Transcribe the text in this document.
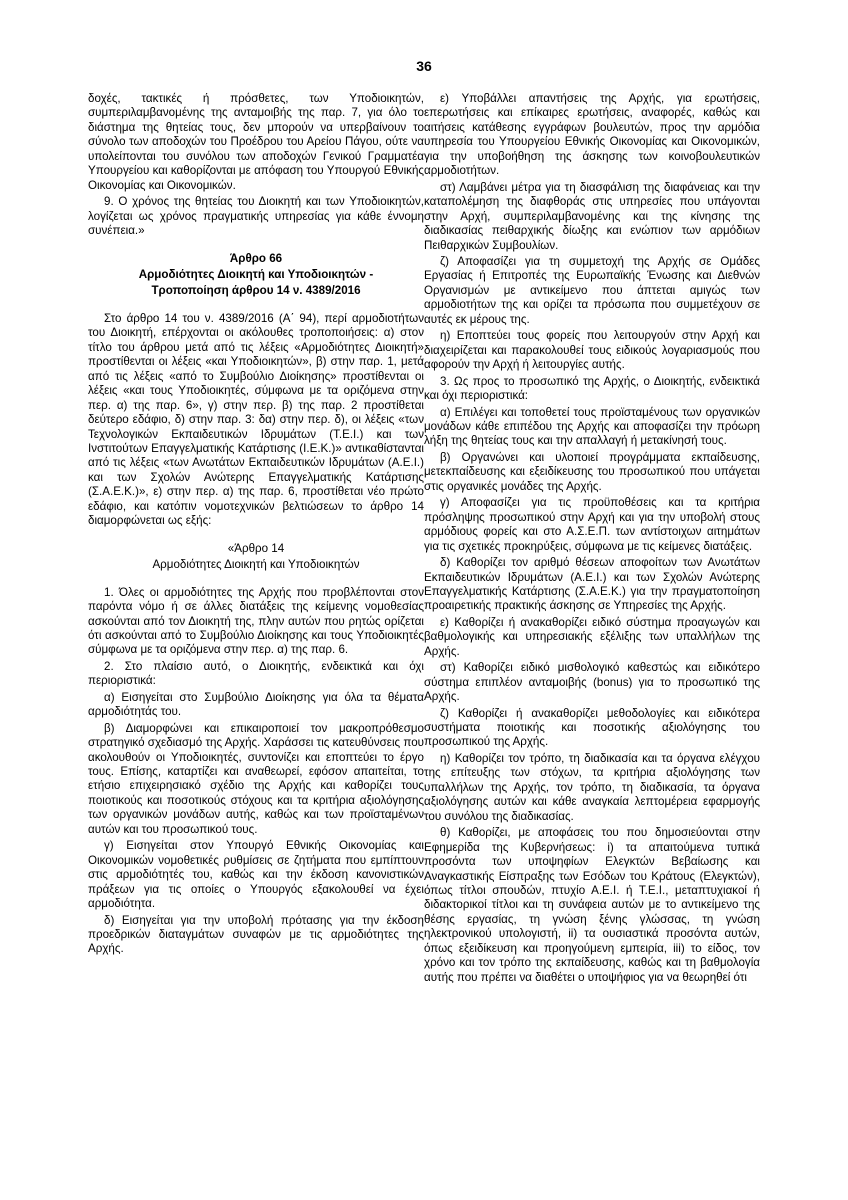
36

δοχές, τακτικές ή πρόσθετες, των Υποδιοικητών, συμπεριλαμβανομένης της ανταμοιβής της παρ. 7, για όλο το διάστημα της θητείας τους, δεν μπορούν να υπερβαίνουν το σύνολο των αποδοχών του Προέδρου του Αρείου Πάγου, ούτε να υπολείπονται του συνόλου των αποδοχών Γενικού Γραμματέα Υπουργείου και καθορίζονται με απόφαση του Υπουργού Εθνικής Οικονομίας και Οικονομικών.

9. Ο χρόνος της θητείας του Διοικητή και των Υποδιοικητών, λογίζεται ως χρόνος πραγματικής υπηρεσίας για κάθε έννομη συνέπεια.»

Άρθρο 66

Αρμοδιότητες Διοικητή και Υποδιοικητών -

Τροποποίηση άρθρου 14 ν. 4389/2016

Στο άρθρο 14 του ν. 4389/2016 (Α΄ 94), περί αρμοδιοτήτων του Διοικητή, επέρχονται οι ακόλουθες τροποποιήσεις: α) στον τίτλο του άρθρου μετά από τις λέξεις «Αρμοδιότητες Διοικητή» προστίθενται οι λέξεις «και Υποδιοικητών», β) στην παρ. 1, μετά από τις λέξεις «από το Συμβούλιο Διοίκησης» προστίθενται οι λέξεις «και τους Υποδιοικητές, σύμφωνα με τα οριζόμενα στην περ. α) της παρ. 6», γ) στην περ. β) της παρ. 2 προστίθεται δεύτερο εδάφιο, δ) στην παρ. 3: δα) στην περ. δ), οι λέξεις «των Τεχνολογικών Εκπαιδευτικών Ιδρυμάτων (Τ.Ε.Ι.) και των Ινστιτούτων Επαγγελματικής Κατάρτισης (Ι.Ε.Κ.)» αντικαθίστανται από τις λέξεις «των Ανωτάτων Εκπαιδευτικών Ιδρυμάτων (Α.Ε.Ι.) και των Σχολών Ανώτερης Επαγγελματικής Κατάρτισης (Σ.Α.Ε.Κ.)», ε) στην περ. α) της παρ. 6, προστίθεται νέο πρώτο εδάφιο, και κατόπιν νομοτεχνικών βελτιώσεων το άρθρο 14 διαμορφώνεται ως εξής:

«Άρθρο 14

Αρμοδιότητες Διοικητή και Υποδιοικητών

1. Όλες οι αρμοδιότητες της Αρχής που προβλέπονται στον παρόντα νόμο ή σε άλλες διατάξεις της κείμενης νομοθεσίας ασκούνται από τον Διοικητή της, πλην αυτών που ρητώς ορίζεται ότι ασκούνται από το Συμβούλιο Διοίκησης και τους Υποδιοικητές σύμφωνα με τα οριζόμενα στην περ. α) της παρ. 6.

2. Στο πλαίσιο αυτό, ο Διοικητής, ενδεικτικά και όχι περιοριστικά:

α) Εισηγείται στο Συμβούλιο Διοίκησης για όλα τα θέματα αρμοδιότητάς του.

β) Διαμορφώνει και επικαιροποιεί τον μακροπρόθεσμο στρατηγικό σχεδιασμό της Αρχής. Χαράσσει τις κατευθύνσεις που ακολουθούν οι Υποδιοικητές, συντονίζει και εποπτεύει το έργο τους. Επίσης, καταρτίζει και αναθεωρεί, εφόσον απαιτείται, το ετήσιο επιχειρησιακό σχέδιο της Αρχής και καθορίζει τους ποιοτικούς και ποσοτικούς στόχους και τα κριτήρια αξιολόγησης των οργανικών μονάδων αυτής, καθώς και των προϊσταμένων αυτών και του προσωπικού τους.

γ) Εισηγείται στον Υπουργό Εθνικής Οικονομίας και Οικονομικών νομοθετικές ρυθμίσεις σε ζητήματα που εμπίπτουν στις αρμοδιότητές του, καθώς και την έκδοση κανονιστικών πράξεων για τις οποίες ο Υπουργός εξακολουθεί να έχει αρμοδιότητα.

δ) Εισηγείται για την υποβολή πρότασης για την έκδοση προεδρικών διαταγμάτων συναφών με τις αρμοδιότητες της Αρχής.

ε) Υποβάλλει απαντήσεις της Αρχής, για ερωτήσεις, επερωτήσεις και επίκαιρες ερωτήσεις, αναφορές, καθώς και αιτήσεις κατάθεσης εγγράφων βουλευτών, προς την αρμόδια υπηρεσία του Υπουργείου Εθνικής Οικονομίας και Οικονομικών, για την υποβοήθηση της άσκησης των κοινοβουλευτικών αρμοδιοτήτων.

στ) Λαμβάνει μέτρα για τη διασφάλιση της διαφάνειας και την καταπολέμηση της διαφθοράς στις υπηρεσίες που υπάγονται στην Αρχή, συμπεριλαμβανομένης και της κίνησης της διαδικασίας πειθαρχικής δίωξης και ενώπιον των αρμόδιων Πειθαρχικών Συμβουλίων.

ζ) Αποφασίζει για τη συμμετοχή της Αρχής σε Ομάδες Εργασίας ή Επιτροπές της Ευρωπαϊκής Ένωσης και Διεθνών Οργανισμών με αντικείμενο που άπτεται αμιγώς των αρμοδιοτήτων της και ορίζει τα πρόσωπα που συμμετέχουν σε αυτές εκ μέρους της.

η) Εποπτεύει τους φορείς που λειτουργούν στην Αρχή και διαχειρίζεται και παρακολουθεί τους ειδικούς λογαριασμούς που αφορούν την Αρχή ή λειτουργίες αυτής.

3. Ως προς το προσωπικό της Αρχής, ο Διοικητής, ενδεικτικά και όχι περιοριστικά:

α) Επιλέγει και τοποθετεί τους προϊσταμένους των οργανικών μονάδων κάθε επιπέδου της Αρχής και αποφασίζει την πρόωρη λήξη της θητείας τους και την απαλλαγή ή μετακίνησή τους.

β) Οργανώνει και υλοποιεί προγράμματα εκπαίδευσης, μετεκπαίδευσης και εξειδίκευσης του προσωπικού που υπάγεται στις οργανικές μονάδες της Αρχής.

γ) Αποφασίζει για τις προϋποθέσεις και τα κριτήρια πρόσληψης προσωπικού στην Αρχή και για την υποβολή στους αρμόδιους φορείς και στο Α.Σ.Ε.Π. των αντίστοιχων αιτημάτων για τις σχετικές προκηρύξεις, σύμφωνα με τις κείμενες διατάξεις.

δ) Καθορίζει τον αριθμό θέσεων αποφοίτων των Ανωτάτων Εκπαιδευτικών Ιδρυμάτων (Α.Ε.Ι.) και των Σχολών Ανώτερης Επαγγελματικής Κατάρτισης (Σ.Α.Ε.Κ.) για την πραγματοποίηση προαιρετικής πρακτικής άσκησης σε Υπηρεσίες της Αρχής.

ε) Καθορίζει ή ανακαθορίζει ειδικό σύστημα προαγωγών και βαθμολογικής και υπηρεσιακής εξέλιξης των υπαλλήλων της Αρχής.

στ) Καθορίζει ειδικό μισθολογικό καθεστώς και ειδικότερο σύστημα επιπλέον ανταμοιβής (bonus) για το προσωπικό της Αρχής.

ζ) Καθορίζει ή ανακαθορίζει μεθοδολογίες και ειδικότερα συστήματα ποιοτικής και ποσοτικής αξιολόγησης του προσωπικού της Αρχής.

η) Καθορίζει τον τρόπο, τη διαδικασία και τα όργανα ελέγχου της επίτευξης των στόχων, τα κριτήρια αξιολόγησης των υπαλλήλων της Αρχής, τον τρόπο, τη διαδικασία, τα όργανα αξιολόγησης αυτών και κάθε αναγκαία λεπτομέρεια εφαρμογής του συνόλου της διαδικασίας.

θ) Καθορίζει, με αποφάσεις του που δημοσιεύονται στην Εφημερίδα της Κυβερνήσεως: i) τα απαιτούμενα τυπικά προσόντα των υποψηφίων Ελεγκτών Βεβαίωσης και Αναγκαστικής Είσπραξης των Εσόδων του Κράτους (Ελεγκτών), όπως τίτλοι σπουδών, πτυχίο Α.Ε.Ι. ή Τ.Ε.Ι., μεταπτυχιακοί ή διδακτορικοί τίτλοι και τη συνάφεια αυτών με το αντικείμενο της θέσης εργασίας, τη γνώση ξένης γλώσσας, τη γνώση ηλεκτρονικού υπολογιστή, ii) τα ουσιαστικά προσόντα αυτών, όπως εξειδίκευση και προηγούμενη εμπειρία, iii) το είδος, τον χρόνο και τον τρόπο της εκπαίδευσης, καθώς και τη βαθμολογία αυτής που πρέπει να διαθέτει ο υποψήφιος για να θεωρηθεί ότι
